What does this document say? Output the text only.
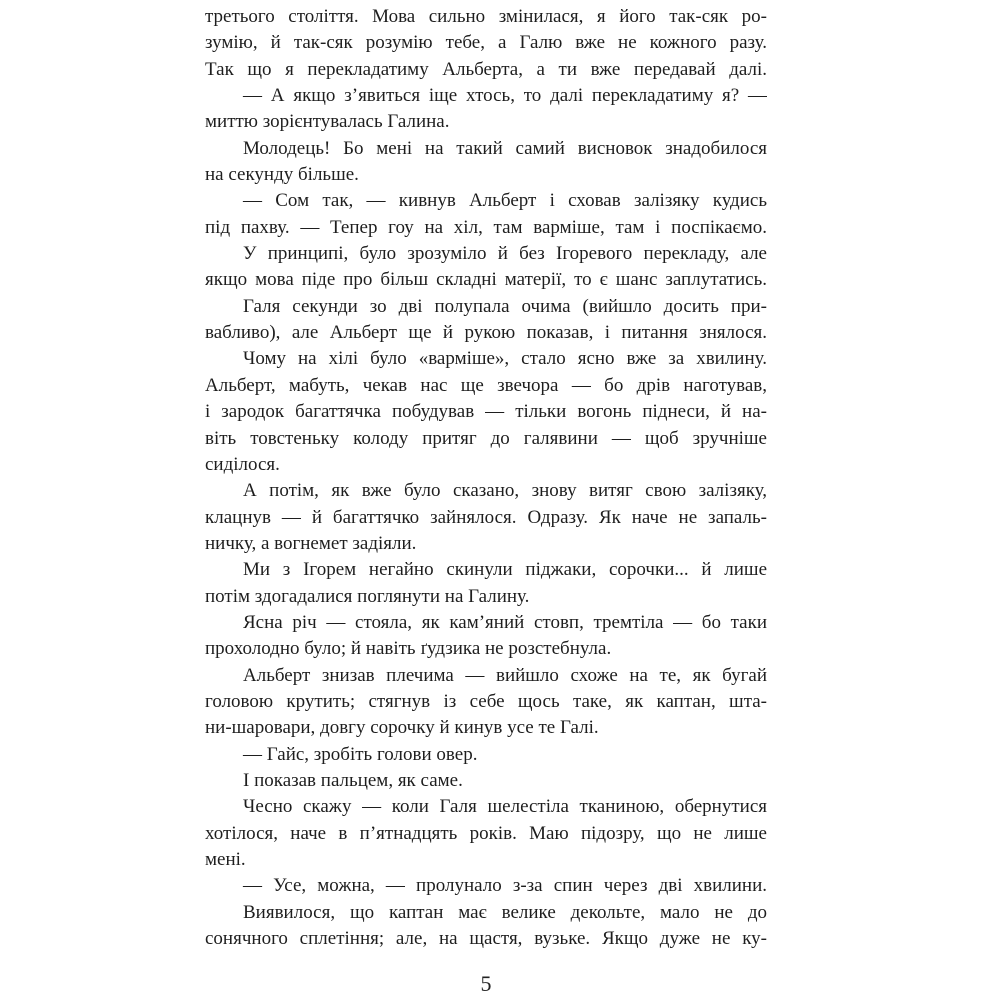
третього століття. Мова сильно змінилася, я його так-сяк ро-
зумію, й так-сяк розумію тебе, а Галю вже не кожного разу.
Так що я перекладатиму Альберта, а ти вже передавай далі.
— А якщо з’явиться іще хтось, то далі перекладатиму я? —
миттю зорієнтувалась Галина.
Молодець! Бо мені на такий самий висновок знадобилося
на секунду більше.
— Сом так, — кивнув Альберт і сховав залізяку кудись
під пахву. — Тепер гоу на хіл, там варміше, там і поспікаємо.
У принципі, було зрозуміло й без Ігоревого перекладу, але
якщо мова піде про більш складні матерії, то є шанс заплутатись.
Галя секунди зо дві полупала очима (вийшло досить при-
вабливо), але Альберт ще й рукою показав, і питання знялося.
Чому на хілі було «варміше», стало ясно вже за хвилину.
Альберт, мабуть, чекав нас ще звечора — бо дрів наготував,
і зародок багаттячка побудував — тільки вогонь піднеси, й на-
віть товстеньку колоду притяг до галявини — щоб зручніше
сиділося.
А потім, як вже було сказано, знову витяг свою залізяку,
клацнув — й багаттячко зайнялося. Одразу. Як наче не запаль-
ничку, а вогнемет задіяли.
Ми з Ігорем негайно скинули піджаки, сорочки... й лише
потім здогадалися поглянути на Галину.
Ясна річ — стояла, як кам’яний стовп, тремтіла — бо таки
прохолодно було; й навіть ґудзика не розстебнула.
Альберт знизав плечима — вийшло схоже на те, як бугай
головою крутить; стягнув із себе щось таке, як каптан, шта-
ни-шаровари, довгу сорочку й кинув усе те Галі.
— Гайс, зробіть голови овер.
І показав пальцем, як саме.
Чесно скажу — коли Галя шелестіла тканиною, обернутися
хотілося, наче в п’ятнадцять років. Маю підозру, що не лише
мені.
— Усе, можна, — пролунало з-за спин через дві хвилини.
Виявилося, що каптан має велике декольте, мало не до
сонячного сплетіння; але, на щастя, вузьке. Якщо дуже не ку-
5
